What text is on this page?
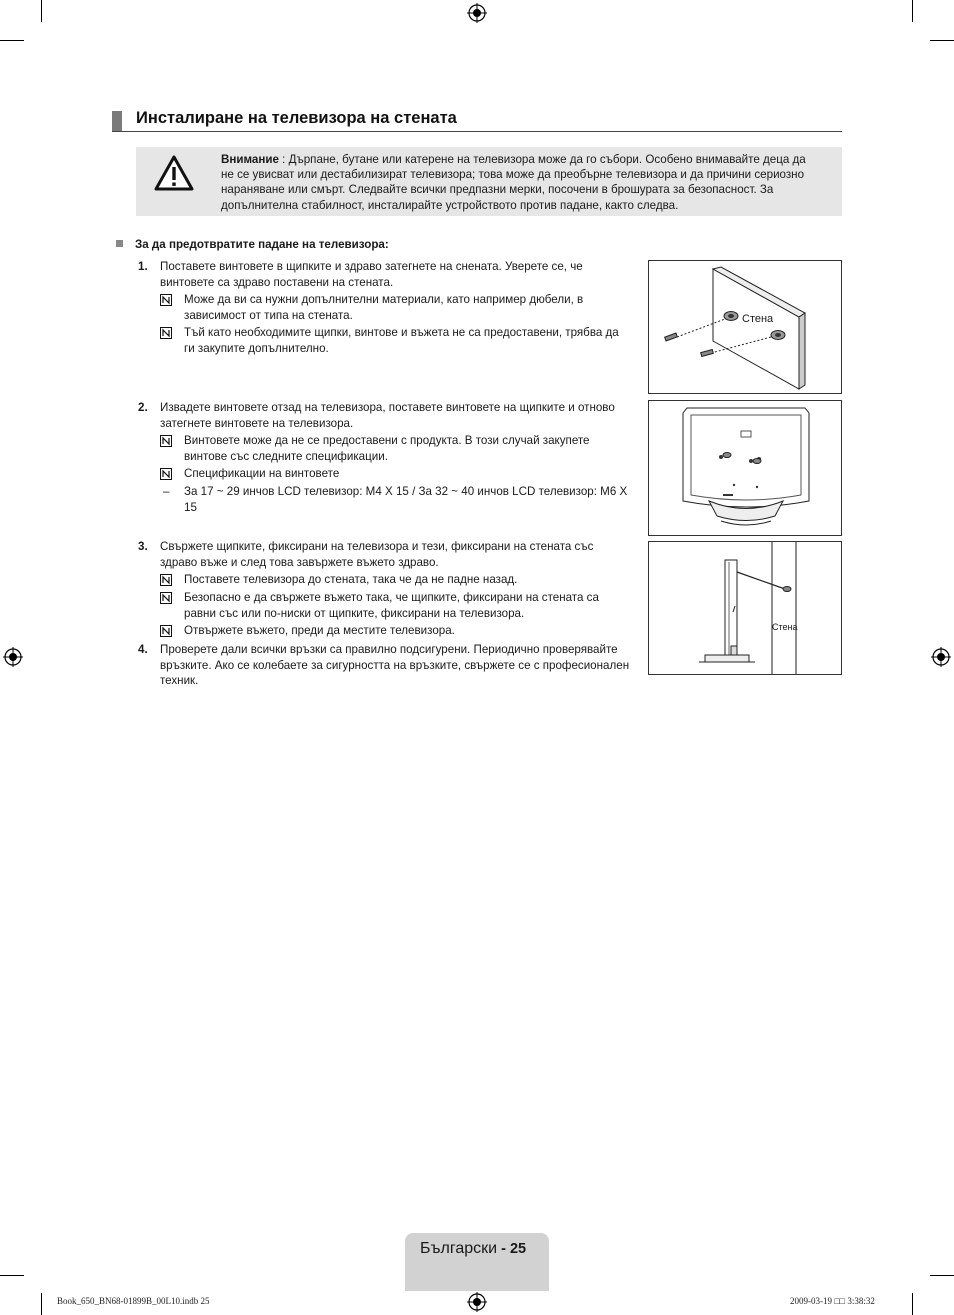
Инсталиране на телевизора на стената
Внимание : Дърпане, бутане или катерене на телевизора може да го събори. Особено внимавайте деца да не се увисват или дестабилизират телевизора; това може да преобърне телевизора и да причини сериозно нараняване или смърт. Следвайте всички предпазни мерки, посочени в брошурата за безопасност. За допълнителна стабилност, инсталирайте устройството против падане, както следва.
За да предотвратите падане на телевизора:
1. Поставете винтовете в щипките и здраво затегнете на снената. Уверете се, че винтовете са здраво поставени на стената.
Може да ви са нужни допълнителни материали, като например дюбели, в зависимост от типа на стената.
Тъй като необходимите щипки, винтове и въжета не са предоставени, трябва да ги закупите допълнително.
2. Извадете винтовете отзад на телевизора, поставете винтовете на щипките и отново затегнете винтовете на телевизора.
Винтовете може да не се предоставени с продукта. В този случай закупете винтове със следните спецификации.
Спецификации на винтовете
– За 17 ~ 29 инчов LCD телевизор: M4 X 15 / За 32 ~ 40 инчов LCD телевизор: M6 X 15
3. Свържете щипките, фиксирани на телевизора и тези, фиксирани на стената със здраво въже и след това завържете въжето здраво.
Поставете телевизора до стената, така че да не падне назад.
Безопасно е да свържете въжето така, че щипките, фиксирани на стената са равни със или по-ниски от щипките, фиксирани на телевизора.
Отвържете въжето, преди да местите телевизора.
4. Проверете дали всички връзки са правилно подсигурени. Периодично проверявайте връзките. Ако се колебаете за сигурността на връзките, свържете се с професионален техник.
Стена
Стена
Български - 25
Book_650_BN68-01899B_00L10.indb 25	2009-03-19 □□ 3:38:32
